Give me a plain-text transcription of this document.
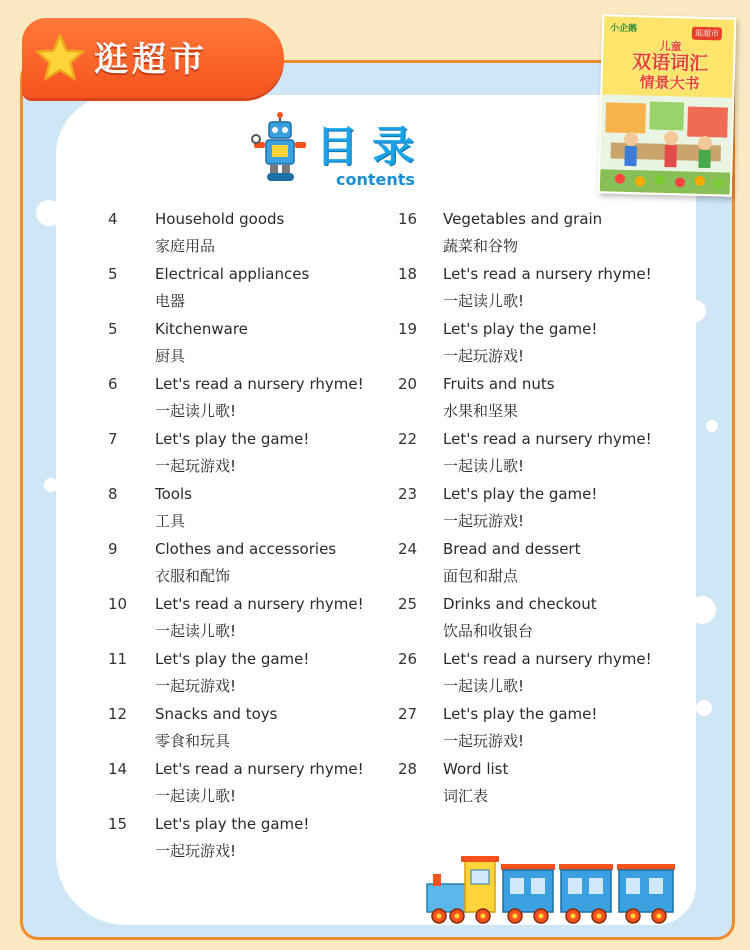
逛超市
小企鹅	逛超市
儿童
双语词汇
情景大书
目录
contents
4	Household goods
家庭用品
5	Electrical appliances
电器
5	Kitchenware
厨具
6	Let's read a nursery rhyme!
一起读儿歌!
7	Let's play the game!
一起玩游戏!
8	Tools
工具
9	Clothes and accessories
衣服和配饰
10	Let's read a nursery rhyme!
一起读儿歌!
11	Let's play the game!
一起玩游戏!
12	Snacks and toys
零食和玩具
14	Let's read a nursery rhyme!
一起读儿歌!
15	Let's play the game!
一起玩游戏!
16	Vegetables and grain
蔬菜和谷物
18	Let's read a nursery rhyme!
一起读儿歌!
19	Let's play the game!
一起玩游戏!
20	Fruits and nuts
水果和坚果
22	Let's read a nursery rhyme!
一起读儿歌!
23	Let's play the game!
一起玩游戏!
24	Bread and dessert
面包和甜点
25	Drinks and checkout
饮品和收银台
26	Let's read a nursery rhyme!
一起读儿歌!
27	Let's play the game!
一起玩游戏!
28	Word list
词汇表
